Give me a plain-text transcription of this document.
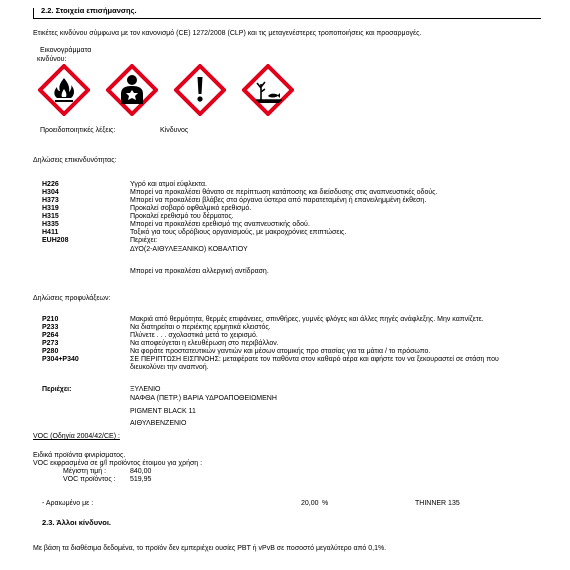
2.2. Στοιχεία επισήμανσης.
Ετικέτες κινδύνου σύμφωνα με τον κανονισμό (CE) 1272/2008 (CLP) και τις μεταγενέστερες τροποποιήσεις και προσαρμογές.
Εικονογράμματα
κινδύνου:
Προειδοποιητικές λέξεις:	Κίνδυνος
Δηλώσεις επικινδυνότητας:
H226	Υγρό και ατμοί εύφλεκτα.
H304	Μπορεί να προκαλέσει θάνατο σε περίπτωση κατάποσης και διείσδυσης στις αναπνευστικές οδούς.
H373	Μπορεί να προκαλέσει βλάβες στα όργανα ύστερα από παρατεταμένη ή επανειλημμένη έκθεση.
H319	Προκαλεί σοβαρό οφθαλμικό ερεθισμό.
H315	Προκαλεί ερεθισμό του δέρματος.
H335	Μπορεί να προκαλέσει ερεθισμό της αναπνευστικής οδού.
H411	Τοξικό για τους υδρόβιους οργανισμούς, με μακροχρόνιες επιπτώσεις.
EUH208	Περιέχει:
ΔΥΟ(2-ΑΙΘΥΛΕΞΑΝΙΚΟ) ΚΟΒΑΛΤΙΟΥ
Μπορεί να προκαλέσει αλλεργική αντίδραση.
Δηλώσεις προφυλάξεων:
P210	Μακριά από θερμότητα, θερμές επιφάνειες, σπινθήρες, γυμνές φλόγες και άλλες πηγές ανάφλεξης. Μην καπνίζετε.
P233	Να διατηρείται ο περιέκτης ερμητικά κλειστός.
P264	Πλύνετε . . . σχολαστικά μετά το χειρισμό.
P273	Να αποφεύγεται η ελευθέρωση στο περιβάλλον.
P280	Να φοράτε προστατευτικών γαντιών και μέσων ατομικής προ στασίας για τα μάτια / το πρόσωπο.
P304+P340	ΣΕ ΠΕΡΙΠΤΩΣΗ ΕΙΣΠΝΟΗΣ: μεταφέρατε τον παθόντα στον καθαρό αέρα και αφήστε τον να ξεκουραστεί σε στάση που
διευκολύνει την αναπνοή.
Περιέχει:	ΞΥΛΕΝΙΟ
ΝΑΦΘΑ (ΠΕΤΡ.) ΒΑΡΙΑ ΥΔΡΟΑΠΟΘΕΙΩΜΕΝΗ
PIGMENT BLACK 11
ΑΙΘΥΛΒΕΝΖΕΝΙΟ
VOC (Οδηγία 2004/42/CE) :
Ειδικά προϊόντα φινιρίσματος.
VOC εκφρασμένα σε g/l προϊόντος έτοιμου για χρήση :
Μέγιστη τιμή :	840,00
VOC προϊόντος : 519,95
- Αραιωμένο με :	20,00 %	THINNER 135
2.3. Άλλοι κίνδυνοι.
Με βάση τα διαθέσιμα δεδομένα, το προϊόν δεν εμπεριέχει ουσίες PBT ή vPvB σε ποσοστό μεγαλύτερο από 0,1%.
